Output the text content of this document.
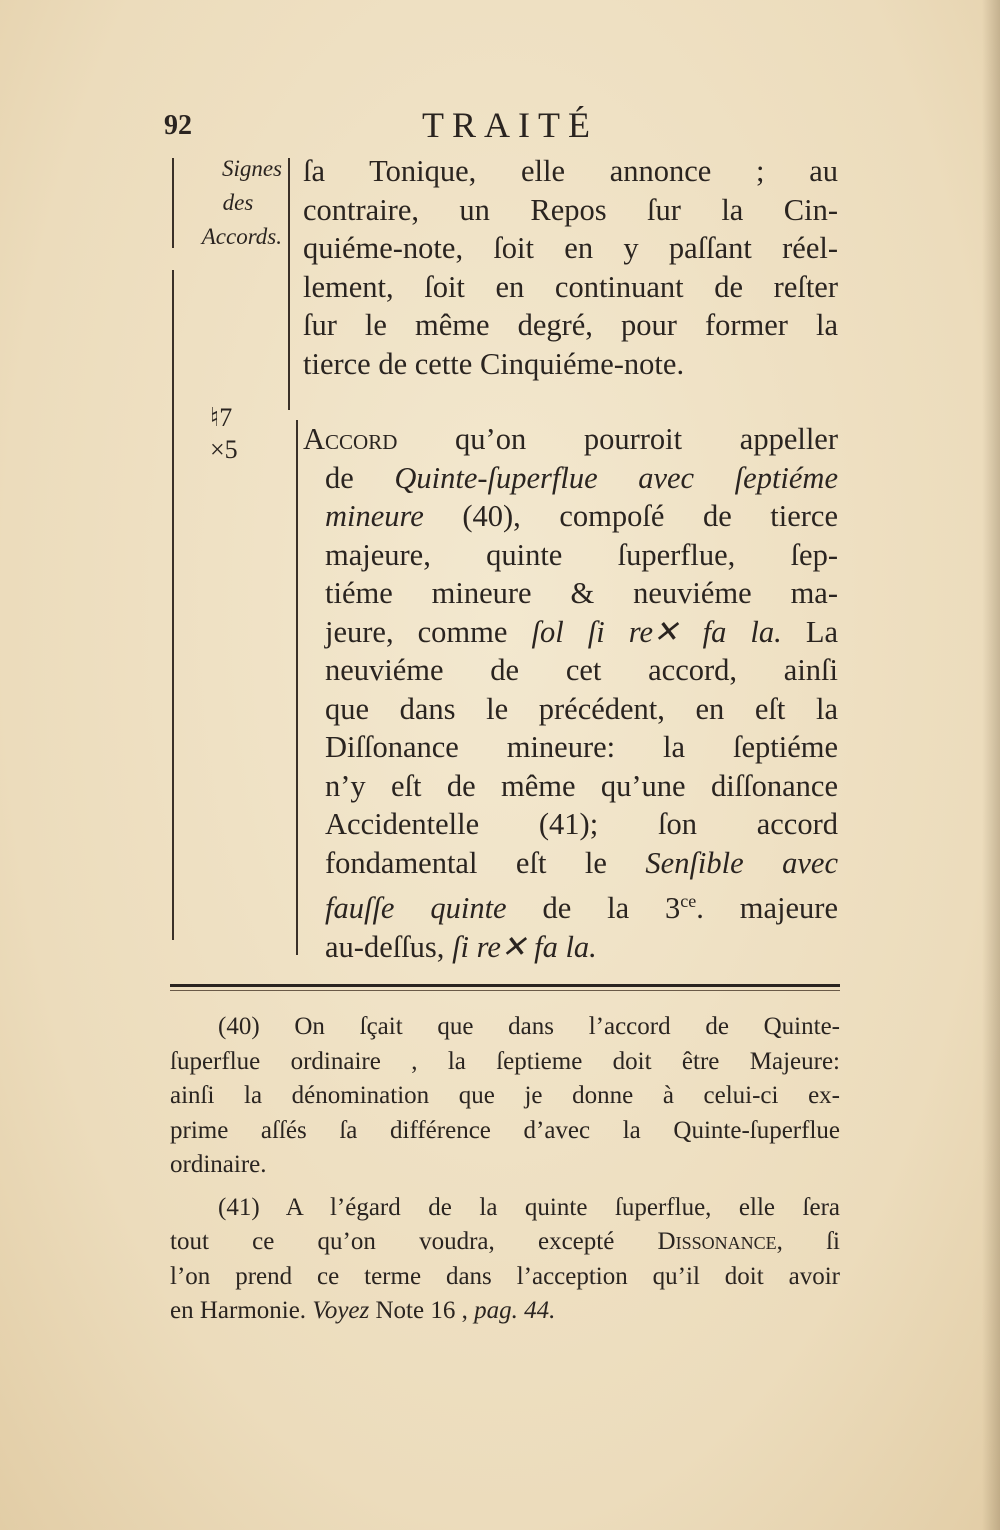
92	TRAITÉ
Signes
des
Accords.
♮7
×5
ſa Tonique, elle annonce ; au
contraire, un Repos ſur la Cin-
quiéme-note, ſoit en y paſſant réel-
lement, ſoit en continuant de reſter
ſur le même degré, pour former la
tierce de cette Cinquiéme-note.
Accord qu’on pourroit appeller
de Quinte-ſuperflue avec ſeptiéme
mineure (40), compoſé de tierce
majeure, quinte ſuperflue, ſep-
tiéme mineure & neuviéme ma-
jeure, comme ſol ſi re✕ fa la. La
neuviéme de cet accord, ainſi
que dans le précédent, en eſt la
Diſſonance mineure: la ſeptiéme
n’y eſt de même qu’une diſſonance
Accidentelle (41); ſon accord
fondamental eſt le Senſible avec
fauſſe quinte de la $3^{ce}$. majeure
au-deſſus, ſi re✕ fa la.
(40) On ſçait que dans l’accord de Quinte-
ſuperflue ordinaire , la ſeptieme doit être Majeure:
ainſi la dénomination que je donne à celui-ci ex-
prime aſſés ſa différence d’avec la Quinte-ſuperflue
ordinaire.
(41) A l’égard de la quinte ſuperflue, elle ſera
tout ce qu’on voudra, excepté Dissonance, ſi
l’on prend ce terme dans l’acception qu’il doit avoir
en Harmonie. Voyez Note 16 , pag. 44.
